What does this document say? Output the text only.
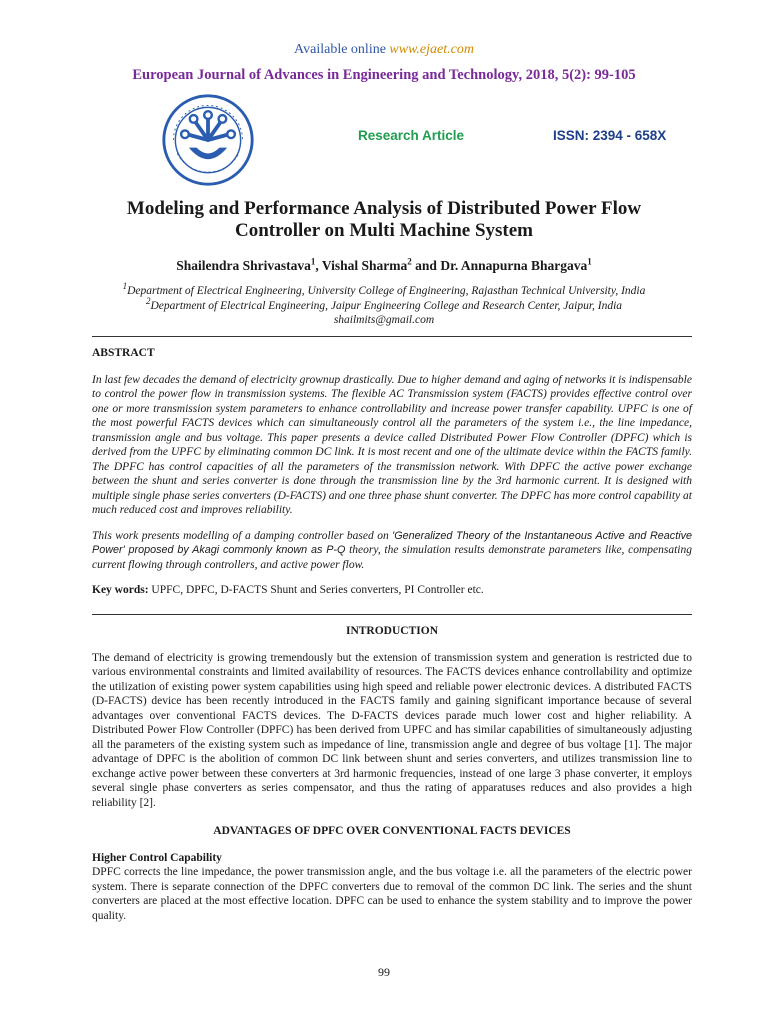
Available online www.ejaet.com
European Journal of Advances in Engineering and Technology, 2018, 5(2): 99-105
Research Article	ISSN: 2394 - 658X
Modeling and Performance Analysis of Distributed Power Flow Controller on Multi Machine System
Shailendra Shrivastava$^1$, Vishal Sharma$^2$ and Dr. Annapurna Bhargava$^1$
$^1$Department of Electrical Engineering, University College of Engineering, Rajasthan Technical University, India
$^2$Department of Electrical Engineering, Jaipur Engineering College and Research Center, Jaipur, India
shailmits@gmail.com

ABSTRACT

In last few decades the demand of electricity grownup drastically. Due to higher demand and aging of networks it is indispensable to control the power flow in transmission systems. The flexible AC Transmission system (FACTS) provides effective control over one or more transmission system parameters to enhance controllability and increase power transfer capability. UPFC is one of the most powerful FACTS devices which can simultaneously control all the parameters of the system i.e., the line impedance, transmission angle and bus voltage. This paper presents a device called Distributed Power Flow Controller (DPFC) which is derived from the UPFC by eliminating common DC link. It is most recent and one of the ultimate device within the FACTS family. The DPFC has control capacities of all the parameters of the transmission network. With DPFC the active power exchange between the shunt and series converter is done through the transmission line by the 3rd harmonic current. It is designed with multiple single phase series converters (D-FACTS) and one three phase shunt converter. The DPFC has more control capability at much reduced cost and improves reliability.

This work presents modelling of a damping controller based on 'Generalized Theory of the Instantaneous Active and Reactive Power' proposed by Akagi commonly known as P-Q theory, the simulation results demonstrate parameters like, compensating current flowing through controllers, and active power flow.

Key words: UPFC, DPFC, D-FACTS Shunt and Series converters, PI Controller etc.

INTRODUCTION

The demand of electricity is growing tremendously but the extension of transmission system and generation is restricted due to various environmental constraints and limited availability of resources. The FACTS devices enhance controllability and optimize the utilization of existing power system capabilities using high speed and reliable power electronic devices. A distributed FACTS (D-FACTS) device has been recently introduced in the FACTS family and gaining significant importance because of several advantages over conventional FACTS devices. The D-FACTS devices parade much lower cost and higher reliability. A Distributed Power Flow Controller (DPFC) has been derived from UPFC and has similar capabilities of simultaneously adjusting all the parameters of the existing system such as impedance of line, transmission angle and degree of bus voltage [1]. The major advantage of DPFC is the abolition of common DC link between shunt and series converters, and utilizes transmission line to exchange active power between these converters at 3rd harmonic frequencies, instead of one large 3 phase converter, it employs several single phase converters as series compensator, and thus the rating of apparatuses reduces and also provides a high reliability [2].

ADVANTAGES OF DPFC OVER CONVENTIONAL FACTS DEVICES

Higher Control Capability

DPFC corrects the line impedance, the power transmission angle, and the bus voltage i.e. all the parameters of the electric power system. There is separate connection of the DPFC converters due to removal of the common DC link. The series and the shunt converters are placed at the most effective location. DPFC can be used to enhance the system stability and to improve the power quality.

99
